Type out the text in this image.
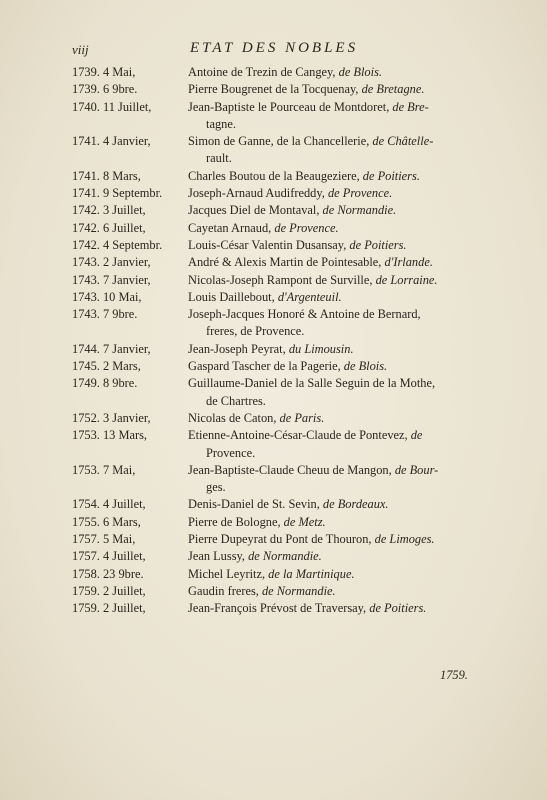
viij	ETAT DES NOBLES
1739. 4 Mai,	Antoine de Trezin de Cangey, de Blois.
1739. 6 9bre.	Pierre Bougrenet de la Tocquenay, de Bretagne.
1740. 11 Juillet,	Jean-Baptiste le Pourceau de Montdoret, de Bre-
tagne.
1741. 4 Janvier,	Simon de Ganne, de la Chancellerie, de Châtelle-
rault.
1741. 8 Mars,	Charles Boutou de la Beaugeziere, de Poitiers.
1741. 9 Septembr.	Joseph-Arnaud Audifreddy, de Provence.
1742. 3 Juillet,	Jacques Diel de Montaval, de Normandie.
1742. 6 Juillet,	Cayetan Arnaud, de Provence.
1742. 4 Septembr.	Louis-César Valentin Dusansay, de Poitiers.
1743. 2 Janvier,	André & Alexis Martin de Pointesable, d'Irlande.
1743. 7 Janvier,	Nicolas-Joseph Rampont de Surville, de Lorraine.
1743. 10 Mai,	Louis Daillebout, d'Argenteuil.
1743. 7 9bre.	Joseph-Jacques Honoré & Antoine de Bernard,
freres, de Provence.
1744. 7 Janvier,	Jean-Joseph Peyrat, du Limousin.
1745. 2 Mars,	Gaspard Tascher de la Pagerie, de Blois.
1749. 8 9bre.	Guillaume-Daniel de la Salle Seguin de la Mothe,
de Chartres.
1752. 3 Janvier,	Nicolas de Caton, de Paris.
1753. 13 Mars,	Etienne-Antoine-César-Claude de Pontevez, de
Provence.
1753. 7 Mai,	Jean-Baptiste-Claude Cheuu de Mangon, de Bour-
ges.
1754. 4 Juillet,	Denis-Daniel de St. Sevin, de Bordeaux.
1755. 6 Mars,	Pierre de Bologne, de Metz.
1757. 5 Mai,	Pierre Dupeyrat du Pont de Thouron, de Limoges.
1757. 4 Juillet,	Jean Lussy, de Normandie.
1758. 23 9bre.	Michel Leyritz, de la Martinique.
1759. 2 Juillet,	Gaudin freres, de Normandie.
1759. 2 Juillet,	Jean-François Prévost de Traversay, de Poitiers.
1759.
